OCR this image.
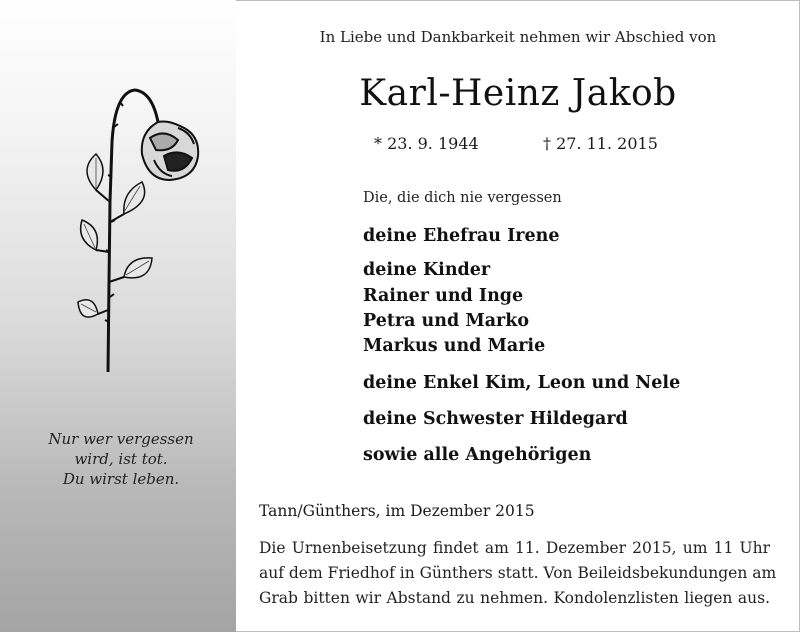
Nur wer vergessen
wird, ist tot.
Du wirst leben.
In Liebe und Dankbarkeit nehmen wir Abschied von
Karl-Heinz Jakob
* 23. 9. 1944	† 27. 11. 2015
Die, die dich nie vergessen
deine Ehefrau Irene
deine Kinder
Rainer und Inge
Petra und Marko
Markus und Marie
deine Enkel Kim, Leon und Nele
deine Schwester Hildegard
sowie alle Angehörigen
Tann/Günthers, im Dezember 2015
Die Urnenbeisetzung findet am 11. Dezember 2015, um 11 Uhr
auf dem Friedhof in Günthers statt. Von Beileidsbekundungen am
Grab bitten wir Abstand zu nehmen. Kondolenzlisten liegen aus.
